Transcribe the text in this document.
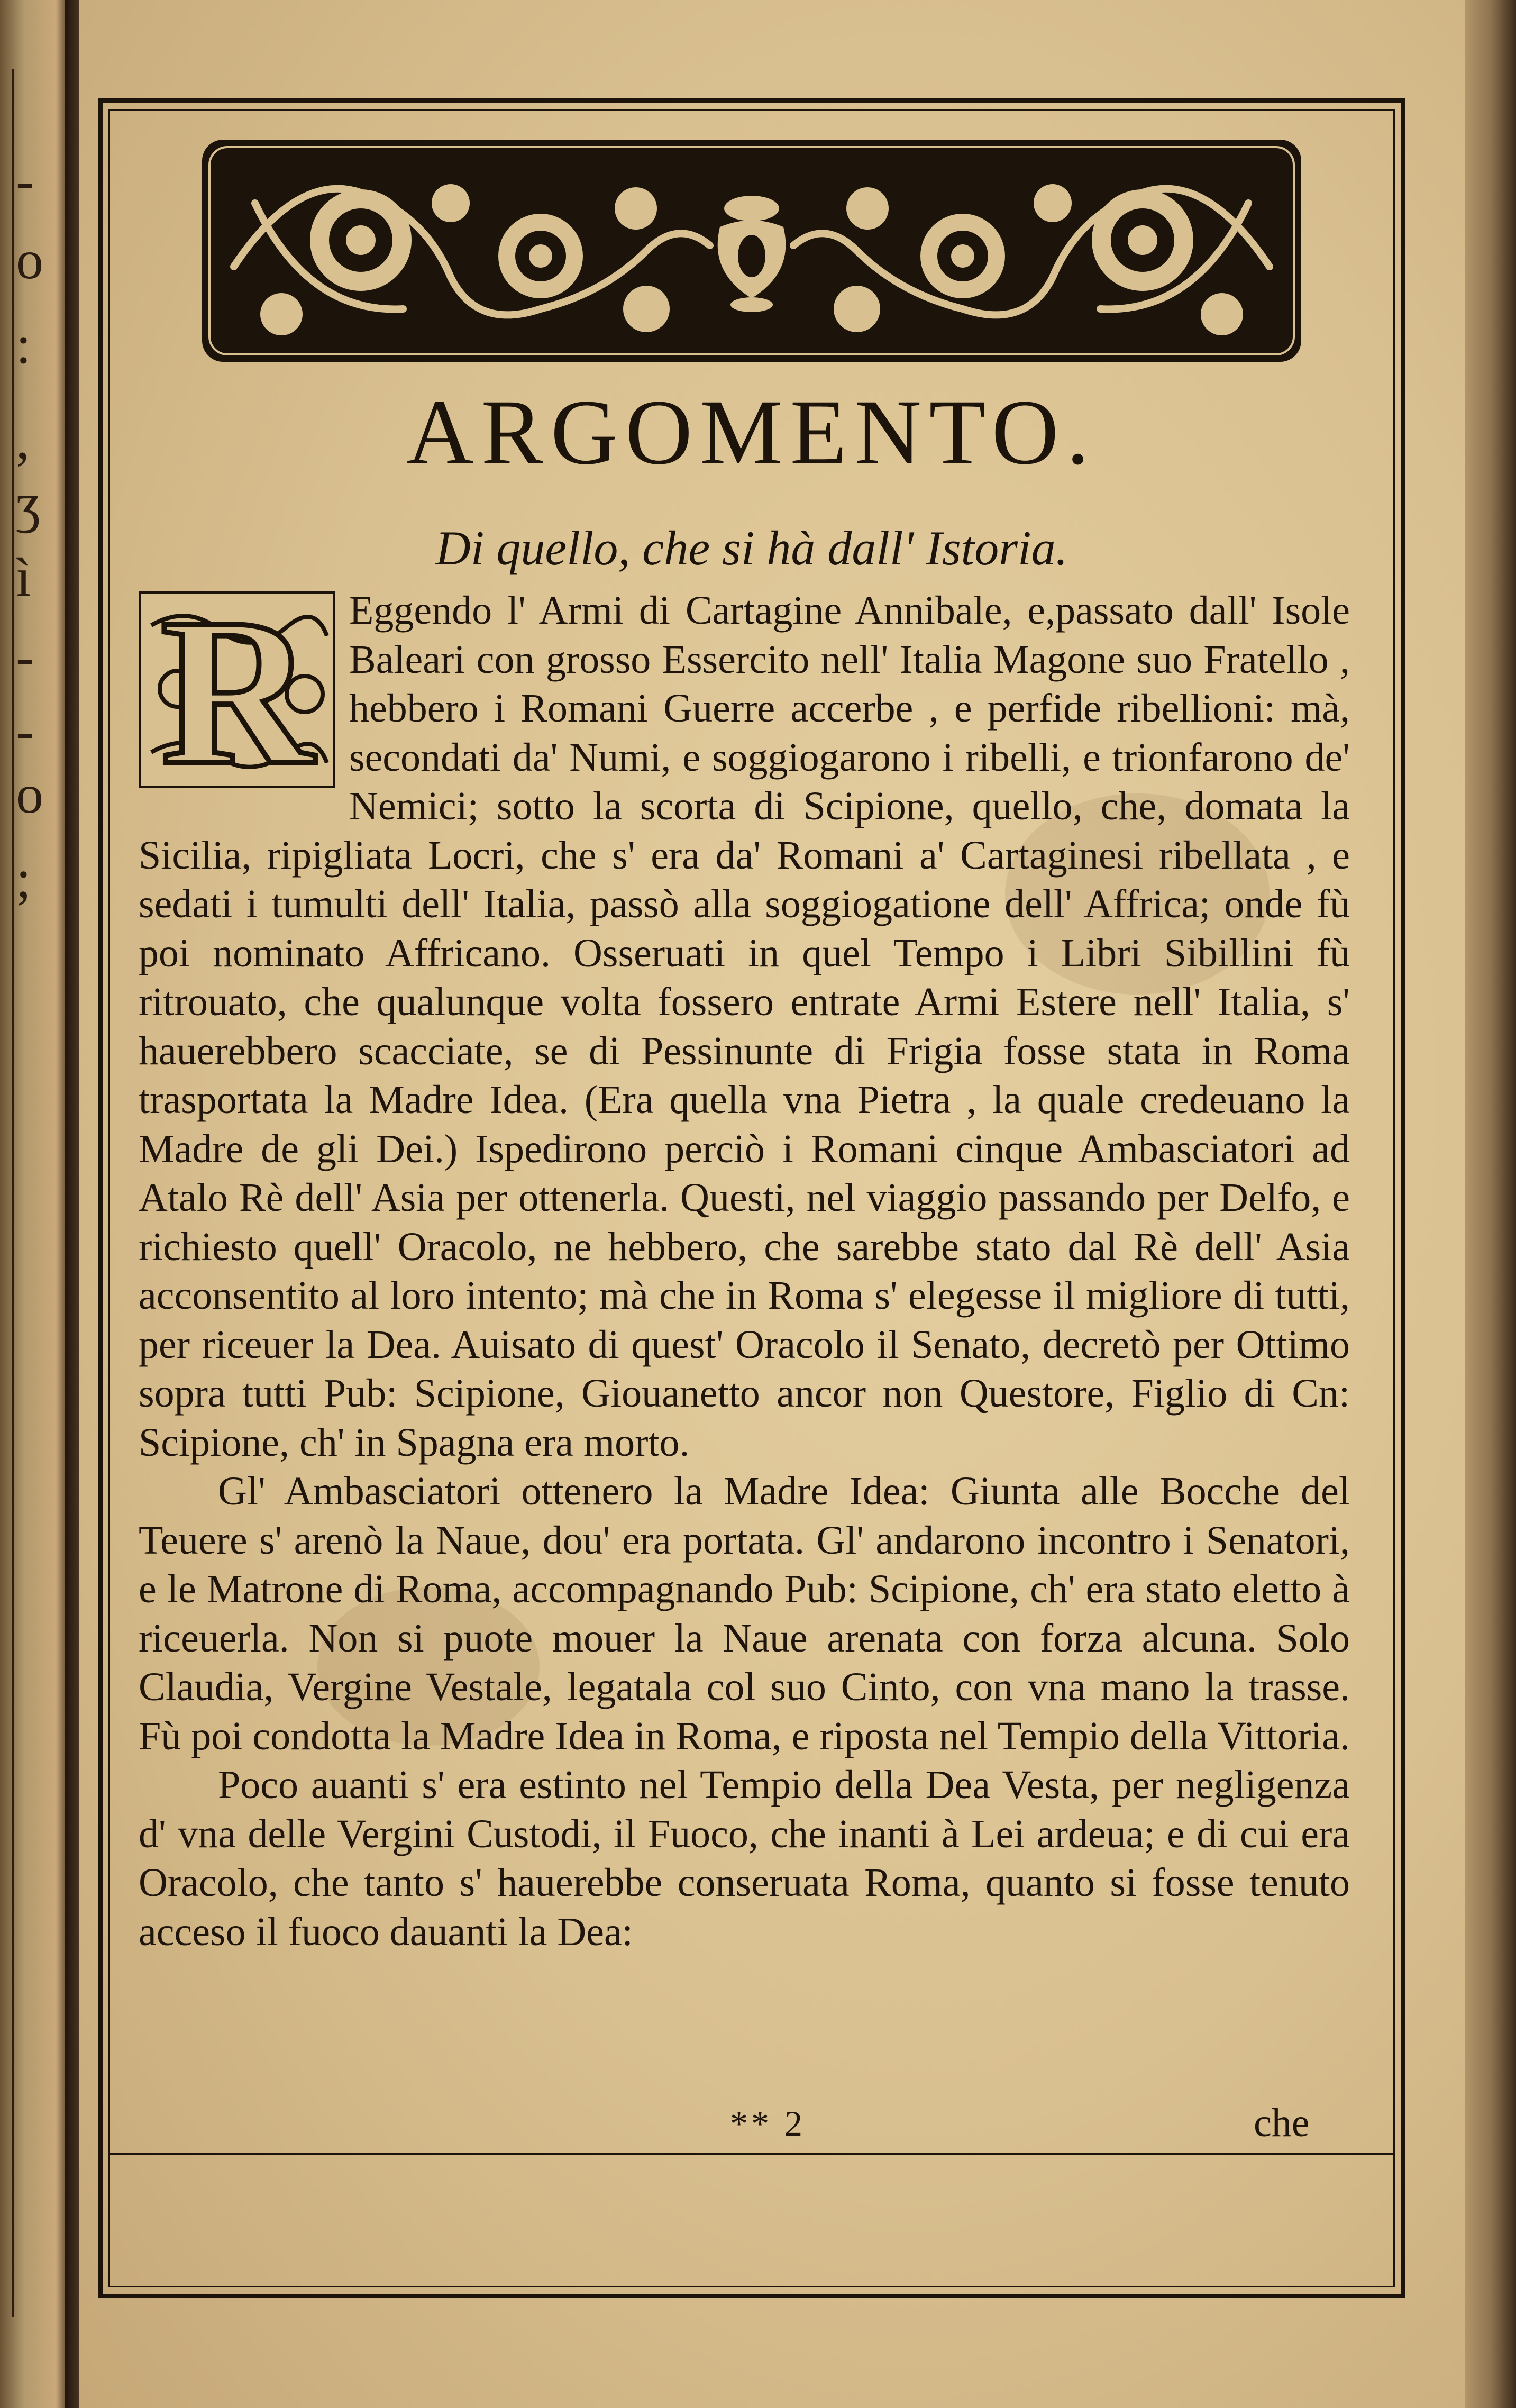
-
o
:
,
ʒ
ì
-
-
o
;
ARGOMENTO.
Di quello, che si hà dall' Istoria.
R Eggendo l' Armi di Cartagine Annibale, e,passato dall' Isole Baleari con grosso Essercito nell' Italia Magone suo Fratello , hebbero i Romani Guerre accerbe , e perfide ribellioni: mà, secondati da' Numi, e soggiogarono i ribelli, e trionfarono de' Nemici; sotto la scorta di Scipione, quello, che, domata la Sicilia, ripigliata Locri, che s' era da' Romani a' Cartaginesi ribellata , e sedati i tumulti dell' Italia, passò alla soggiogatione dell' Affrica; onde fù poi nominato Affricano. Osseruati in quel Tempo i Libri Sibillini fù ritrouato, che qualunque volta fossero entrate Armi Estere nell' Italia, s' hauerebbero scacciate, se di Pessinunte di Frigia fosse stata in Roma trasportata la Madre Idea. (Era quella vna Pietra , la quale credeuano la Madre de gli Dei.) Ispedirono perciò i Romani cinque Ambasciatori ad Atalo Rè dell' Asia per ottenerla. Questi, nel viaggio passando per Delfo, e richiesto quell' Oracolo, ne hebbero, che sarebbe stato dal Rè dell' Asia acconsentito al loro intento; mà che in Roma s' elegesse il migliore di tutti, per riceuer la Dea. Auisato di quest' Oracolo il Senato, decretò per Ottimo sopra tutti Pub: Scipione, Giouanetto ancor non Questore, Figlio di Cn: Scipione, ch' in Spagna era morto.

Gl' Ambasciatori ottenero la Madre Idea: Giunta alle Bocche del Teuere s' arenò la Naue, dou' era portata. Gl' andarono incontro i Senatori, e le Matrone di Roma, accompagnando Pub: Scipione, ch' era stato eletto à riceuerla. Non si puote mouer la Naue arenata con forza alcuna. Solo Claudia, Vergine Vestale, legatala col suo Cinto, con vna mano la trasse. Fù poi condotta la Madre Idea in Roma, e riposta nel Tempio della Vittoria.

Poco auanti s' era estinto nel Tempio della Dea Vesta, per negligenza d' vna delle Vergini Custodi, il Fuoco, che inanti à Lei ardeua; e di cui era Oracolo, che tanto s' hauerebbe conseruata Roma, quanto si fosse tenuto acceso il fuoco dauanti la Dea:

** 2	che
